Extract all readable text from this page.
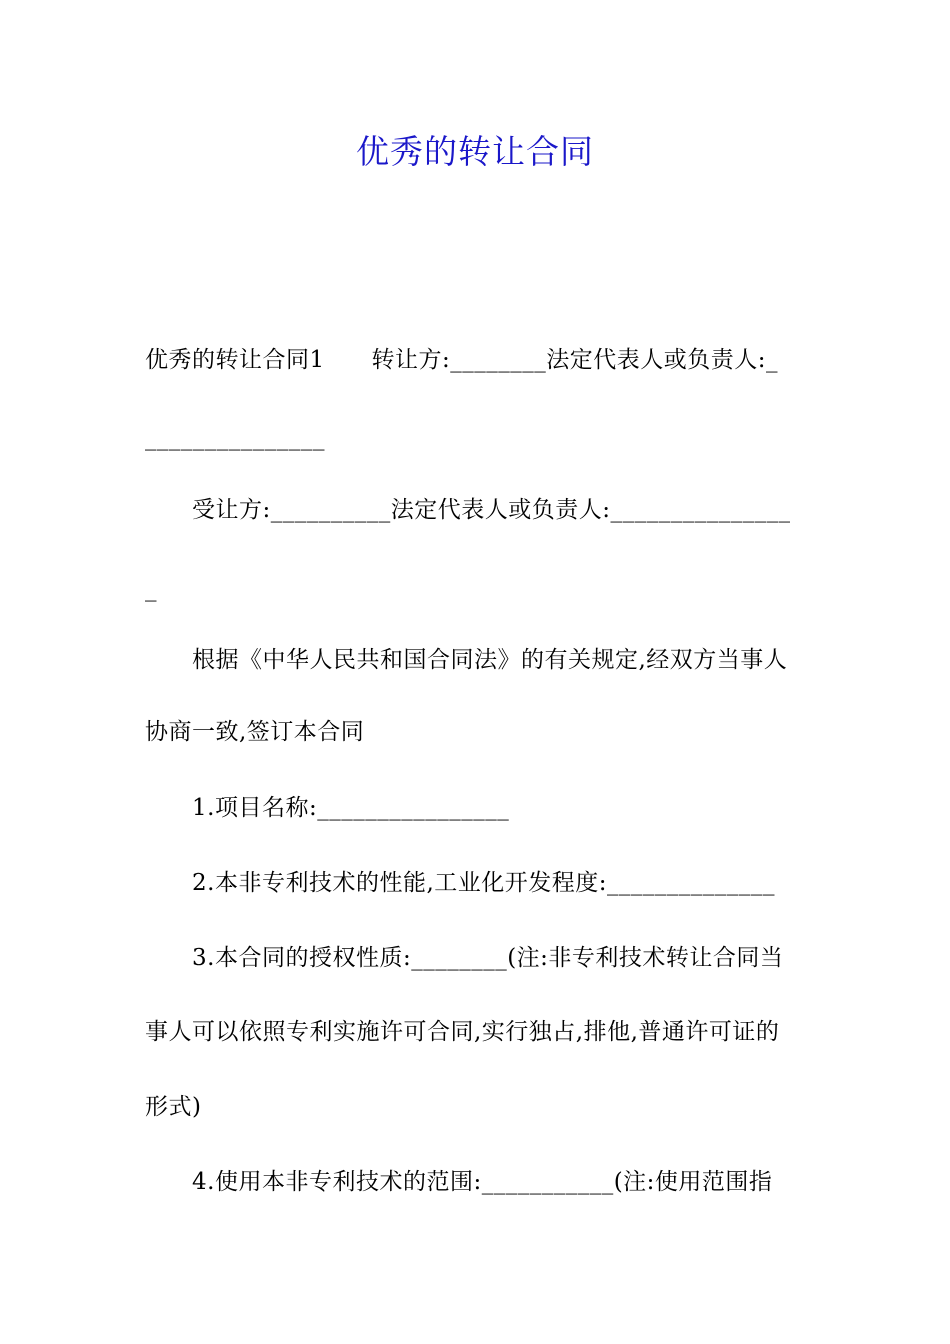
优秀的转让合同
优秀的转让合同1      转让方:________法定代表人或负责人:_
_______________
受让方:__________法定代表人或负责人:_______________
_
根据《中华人民共和国合同法》的有关规定,经双方当事人
协商一致,签订本合同
1.项目名称:________________
2.本非专利技术的性能,工业化开发程度:______________
3.本合同的授权性质:________(注:非专利技术转让合同当
事人可以依照专利实施许可合同,实行独占,排他,普通许可证的
形式)
4.使用本非专利技术的范围:___________(注:使用范围指
